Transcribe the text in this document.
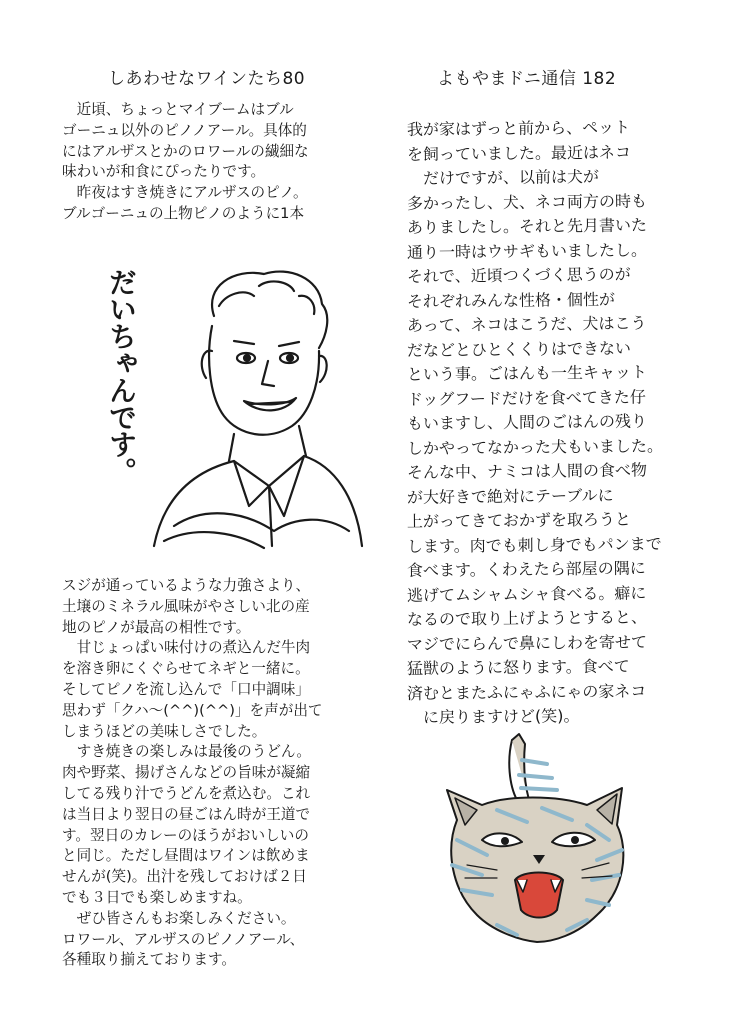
しあわせなワインたち80	よもやまドニ通信 182

　近頃、ちょっとマイブームはブル

ゴーニュ以外のピノノアール。具体的

にはアルザスとかのロワールの繊細な

味わいが和食にぴったりです。

　昨夜はすき焼きにアルザスのピノ。

ブルゴーニュの上物ピノのように1本

だいちゃんです。

スジが通っているような力強さより、

土壌のミネラル風味がやさしい北の産

地のピノが最高の相性です。

　甘じょっぱい味付けの煮込んだ牛肉

を溶き卵にくぐらせてネギと一緒に。

そしてピノを流し込んで「口中調味」

思わず「クハ～(^^)(^^)」を声が出て

しまうほどの美味しさでした。

　すき焼きの楽しみは最後のうどん。

肉や野菜、揚げさんなどの旨味が凝縮

してる残り汁でうどんを煮込む。これ

は当日より翌日の昼ごはん時が王道で

す。翌日のカレーのほうがおいしいの

と同じ。ただし昼間はワインは飲めま

せんが(笑)。出汁を残しておけば２日

でも３日でも楽しめますね。

　ぜひ皆さんもお楽しみください。

ロワール、アルザスのピノノアール、

各種取り揃えております。

我が家はずっと前から、ペット

を飼っていました。最近はネコ

　だけですが、以前は犬が

多かったし、犬、ネコ両方の時も

ありましたし。それと先月書いた

通り一時はウサギもいましたし。

それで、近頃つくづく思うのが

それぞれみんな性格・個性が

あって、ネコはこうだ、犬はこう

だなどとひとくくりはできない

という事。ごはんも一生キャット

ドッグフードだけを食べてきた仔

もいますし、人間のごはんの残り

しかやってなかった犬もいました。

そんな中、ナミコは人間の食べ物

が大好きで絶対にテーブルに

上がってきておかずを取ろうと

します。肉でも刺し身でもパンまで

食べます。くわえたら部屋の隅に

逃げてムシャムシャ食べる。癖に

なるので取り上げようとすると、

マジでにらんで鼻にしわを寄せて

猛獣のように怒ります。食べて

済むとまたふにゃふにゃの家ネコ

　に戻りますけど(笑)。
